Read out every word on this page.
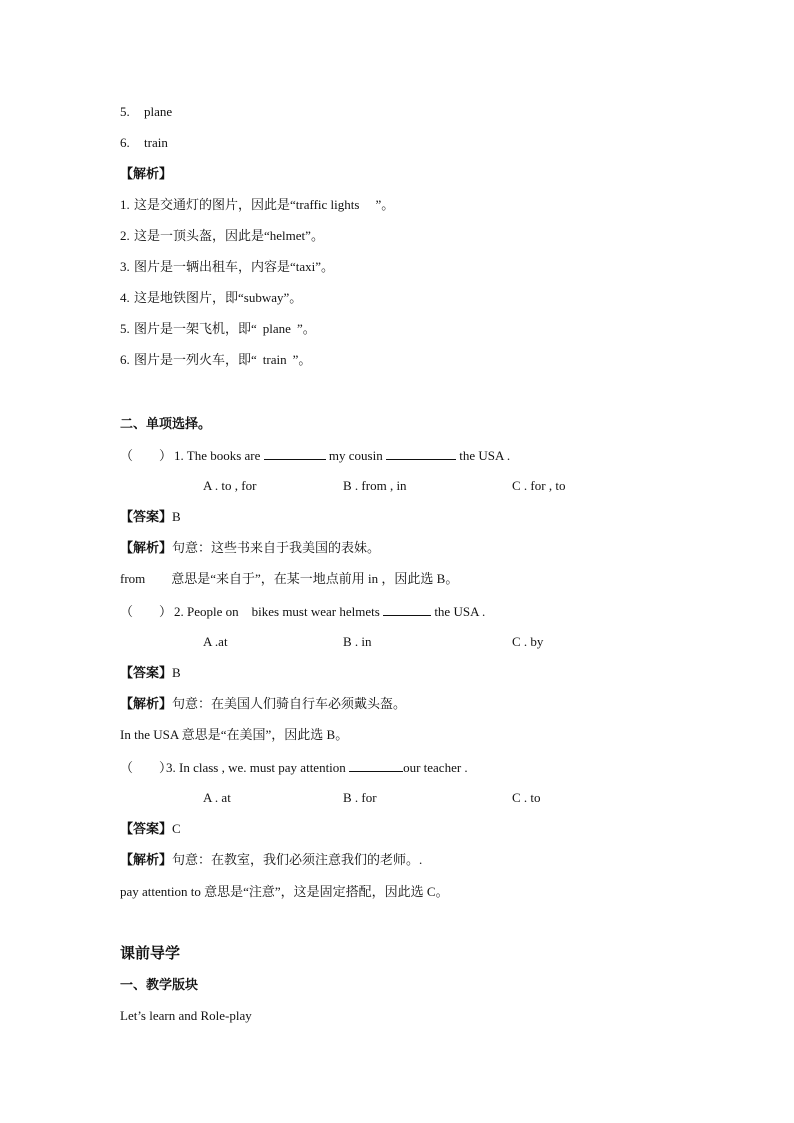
5. plane
6. train
【解析】
1. 这是交通灯的图片，因此是“traffic lights ”。
2. 这是一顶头盔，因此是“helmet”。
3. 图片是一辆出租车，内容是“taxi”。
4. 这是地铁图片，即“subway”。
5. 图片是一架飞机，即“ plane ”。
6. 图片是一列火车，即“ train ”。
二、单项选择。
（　　） 1. The books are	my cousin	the USA .
A . to , for	B . from , in	C . for , to
【答案】B
【解析】句意：这些书来自于我美国的表妹。
from　　意思是“来自于”，在某一地点前用 in ，因此选 B。
（　　） 2. People on　bikes must wear helmets	the USA .
A .at	B . in	C . by
【答案】B
【解析】句意：在美国人们骑自行车必须戴头盔。
In the USA 意思是“在美国”，因此选 B。
（　　）3. In class , we. must pay attention	our teacher .
A . at	B . for	C . to
【答案】C
【解析】句意：在教室，我们必须注意我们的老师。.
pay attention to 意思是“注意”，这是固定搭配，因此选 C。
课前导学
一、教学版块
Let’s learn and Role-play
